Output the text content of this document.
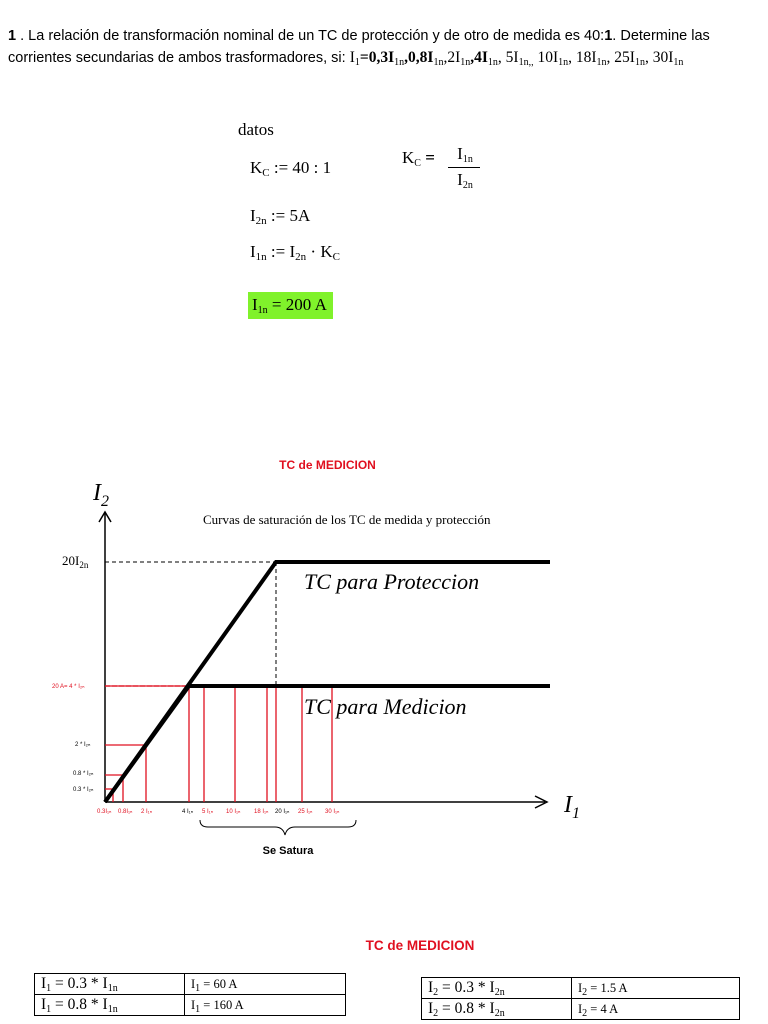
1 . La relación de transformación nominal de un TC de protección y de otro de medida es 40:1. Determine las
corrientes secundarias de ambos trasformadores, si: $I_1=0,3I_{1n},0,8I_{1n},2I_{1n},4I_{1n}$, $5I_{1n,,}$ $10I_{1n}$, $18I_{1n}$, $25I_{1n}$, $30I_{1n}$
datos
$K_C$ := 40 : 1
$K_C$ =	$I_{1n}$
$I_{2n}$
$I_{2n}$ := 5A
$I_{1n}$ := $I_{2n} \cdot K_C$
$I_{1n} = 200$ A
TC de MEDICION
$I_2$
$I_1$
Curvas de saturación de los TC de medida y protección
$20I_{2n}$
TC para Proteccion
TC para Medicion
20 A= 4 * I₂ₙ
2 * I₂ₙ
0.8 * I₂ₙ
0.3 * I₂ₙ
0.3I₁ₙ 0.8I₁ₙ 2 I₁ₙ	4 I₁ₙ 5 I₁ₙ 10 I₁ₙ 18 I₁ₙ 20 I₁ₙ 25 I₁ₙ 30 I₁ₙ
Se Satura
TC de MEDICION
$I_1 = 0.3 * I_{1n}$	$I_1 = 60$ A
$I_1 = 0.8 * I_{1n}$	$I_1 = 160$ A
$I_2 = 0.3 * I_{2n}$	$I_2 = 1.5$ A
$I_2 = 0.8 * I_{2n}$	$I_2 = 4$ A
